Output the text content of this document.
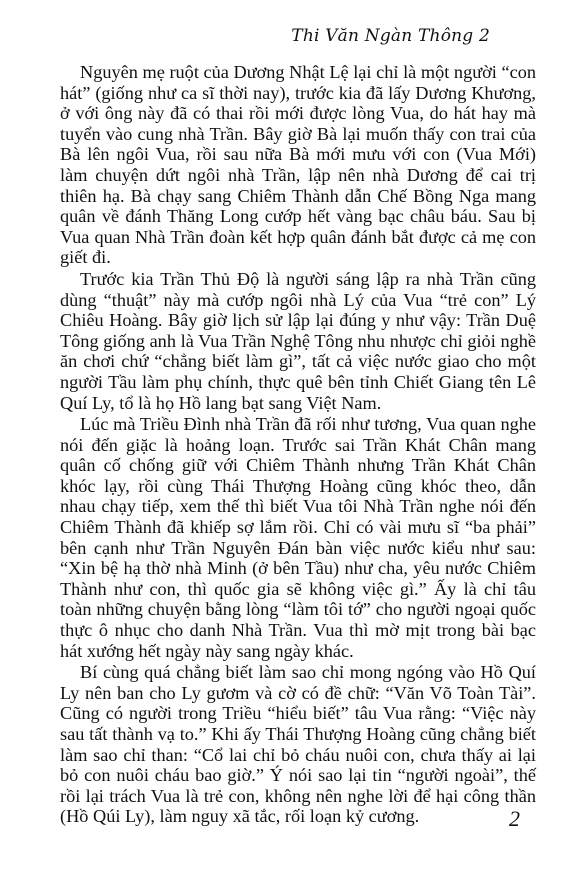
Thi Văn Ngàn Thông 2

Nguyên mẹ ruột của Dương Nhật Lệ lại chỉ là một người “con hát” (giống như ca sĩ thời nay), trước kia đã lấy Dương Khương, ở với ông này đã có thai rồi mới được lòng Vua, do hát hay mà tuyển vào cung nhà Trần. Bây giờ Bà lại muốn thấy con trai của Bà lên ngôi Vua, rồi sau nữa Bà mới mưu với con (Vua Mới) làm chuyện dứt ngôi nhà Trần, lập nên nhà Dương để cai trị thiên hạ. Bà chạy sang Chiêm Thành dẫn Chế Bồng Nga mang quân về đánh Thăng Long cướp hết vàng bạc châu báu. Sau bị Vua quan Nhà Trần đoàn kết hợp quân đánh bắt được cả mẹ con giết đi.

Trước kia Trần Thủ Độ là người sáng lập ra nhà Trần cũng dùng “thuật” này mà cướp ngôi nhà Lý của Vua “trẻ con” Lý Chiêu Hoàng. Bây giờ lịch sử lập lại đúng y như vậy: Trần Duệ Tông giống anh là Vua Trần Nghệ Tông nhu nhược chỉ giỏi nghề ăn chơi chứ “chẳng biết làm gì”, tất cả việc nước giao cho một người Tầu làm phụ chính, thực quê bên tỉnh Chiết Giang tên Lê Quí Ly, tổ là họ Hồ lang bạt sang Việt Nam.

Lúc mà Triều Đình nhà Trần đã rối như tương, Vua quan nghe nói đến giặc là hoảng loạn. Trước sai Trần Khát Chân mang quân cố chống giữ với Chiêm Thành nhưng Trần Khát Chân khóc lạy, rồi cùng Thái Thượng Hoàng cũng khóc theo, dẫn nhau chạy tiếp, xem thế thì biết Vua tôi Nhà Trần nghe nói đến Chiêm Thành đã khiếp sợ lắm rồi. Chỉ có vài mưu sĩ “ba phải” bên cạnh như Trần Nguyên Đán bàn việc nước kiểu như sau: “Xin bệ hạ thờ nhà Minh (ở bên Tầu) như cha, yêu nước Chiêm Thành như con, thì quốc gia sẽ không việc gì.” Ấy là chỉ tâu toàn những chuyện bằng lòng “làm tôi tớ” cho người ngoại quốc thực ô nhục cho danh Nhà Trần. Vua thì mờ mịt trong bài bạc hát xướng hết ngày này sang ngày khác.

Bí cùng quá chẳng biết làm sao chỉ mong ngóng vào Hồ Quí Ly nên ban cho Ly gươm và cờ có đề chữ: “Văn Võ Toàn Tài”. Cũng có người trong Triều “hiểu biết” tâu Vua rằng: “Việc này sau tất thành vạ to.” Khi ấy Thái Thượng Hoàng cũng chẳng biết làm sao chỉ than: “Cổ lai chỉ bỏ cháu nuôi con, chưa thấy ai lại bỏ con nuôi cháu bao giờ.” Ý nói sao lại tin “người ngoài”, thế rồi lại trách Vua là trẻ con, không nên nghe lời để hại công thần (Hồ Qúi Ly), làm nguy xã tắc, rối loạn kỷ cương.	2
